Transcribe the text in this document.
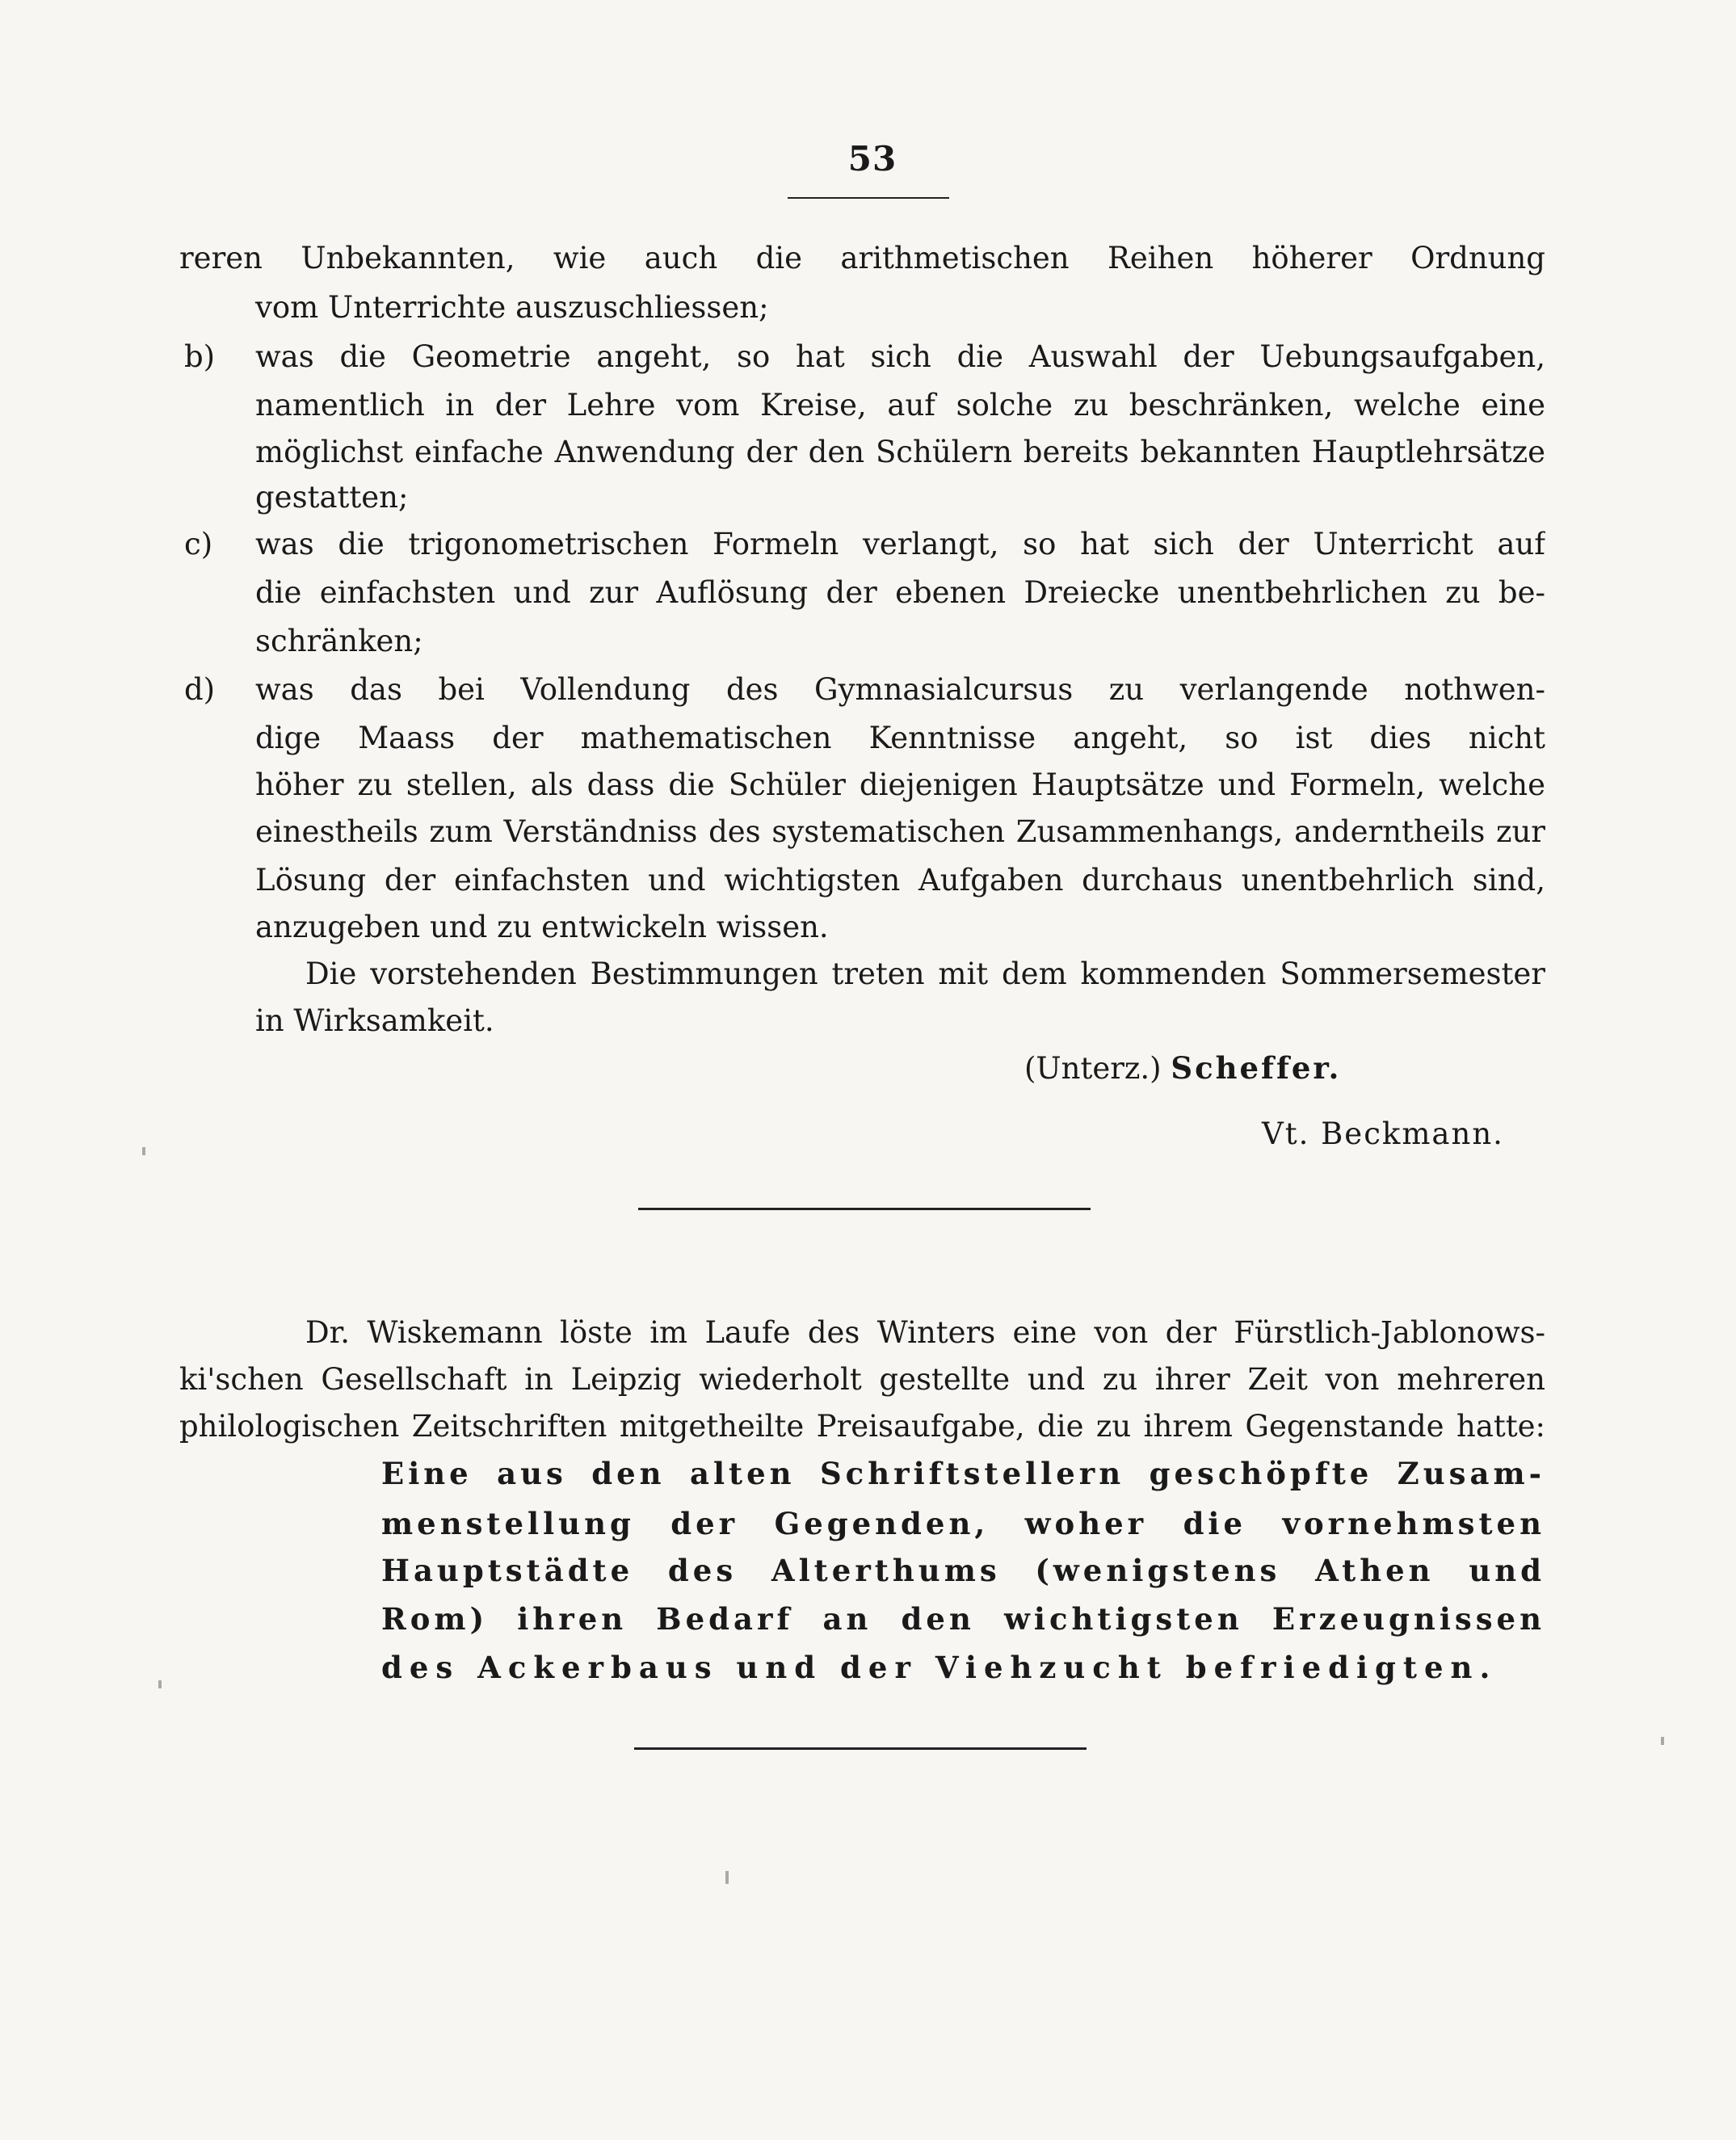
53
reren Unbekannten, wie auch die arithmetischen Reihen höherer Ordnung
vom Unterrichte auszuschliessen;
b) was die Geometrie angeht, so hat sich die Auswahl der Uebungsaufgaben,
namentlich in der Lehre vom Kreise, auf solche zu beschränken, welche eine
möglichst einfache Anwendung der den Schülern bereits bekannten Hauptlehrsätze
gestatten;
c) was die trigonometrischen Formeln verlangt, so hat sich der Unterricht auf
die einfachsten und zur Auflösung der ebenen Dreiecke unentbehrlichen zu be-
schränken;
d) was das bei Vollendung des Gymnasialcursus zu verlangende nothwen-
dige Maass der mathematischen Kenntnisse angeht, so ist dies nicht
höher zu stellen, als dass die Schüler diejenigen Hauptsätze und Formeln, welche
einestheils zum Verständniss des systematischen Zusammenhangs, anderntheils zur
Lösung der einfachsten und wichtigsten Aufgaben durchaus unentbehrlich sind,
anzugeben und zu entwickeln wissen.
Die vorstehenden Bestimmungen treten mit dem kommenden Sommersemester
in Wirksamkeit.
(Unterz.) Scheffer.
Vt. Beckmann.
Dr. Wiskemann löste im Laufe des Winters eine von der Fürstlich-Jablonows-
ki'schen Gesellschaft in Leipzig wiederholt gestellte und zu ihrer Zeit von mehreren
philologischen Zeitschriften mitgetheilte Preisaufgabe, die zu ihrem Gegenstande hatte:
Eine aus den alten Schriftstellern geschöpfte Zusam-
menstellung der Gegenden, woher die vornehmsten
Hauptstädte des Alterthums (wenigstens Athen und
Rom) ihren Bedarf an den wichtigsten Erzeugnissen
des Ackerbaus und der Viehzucht befriedigten.
